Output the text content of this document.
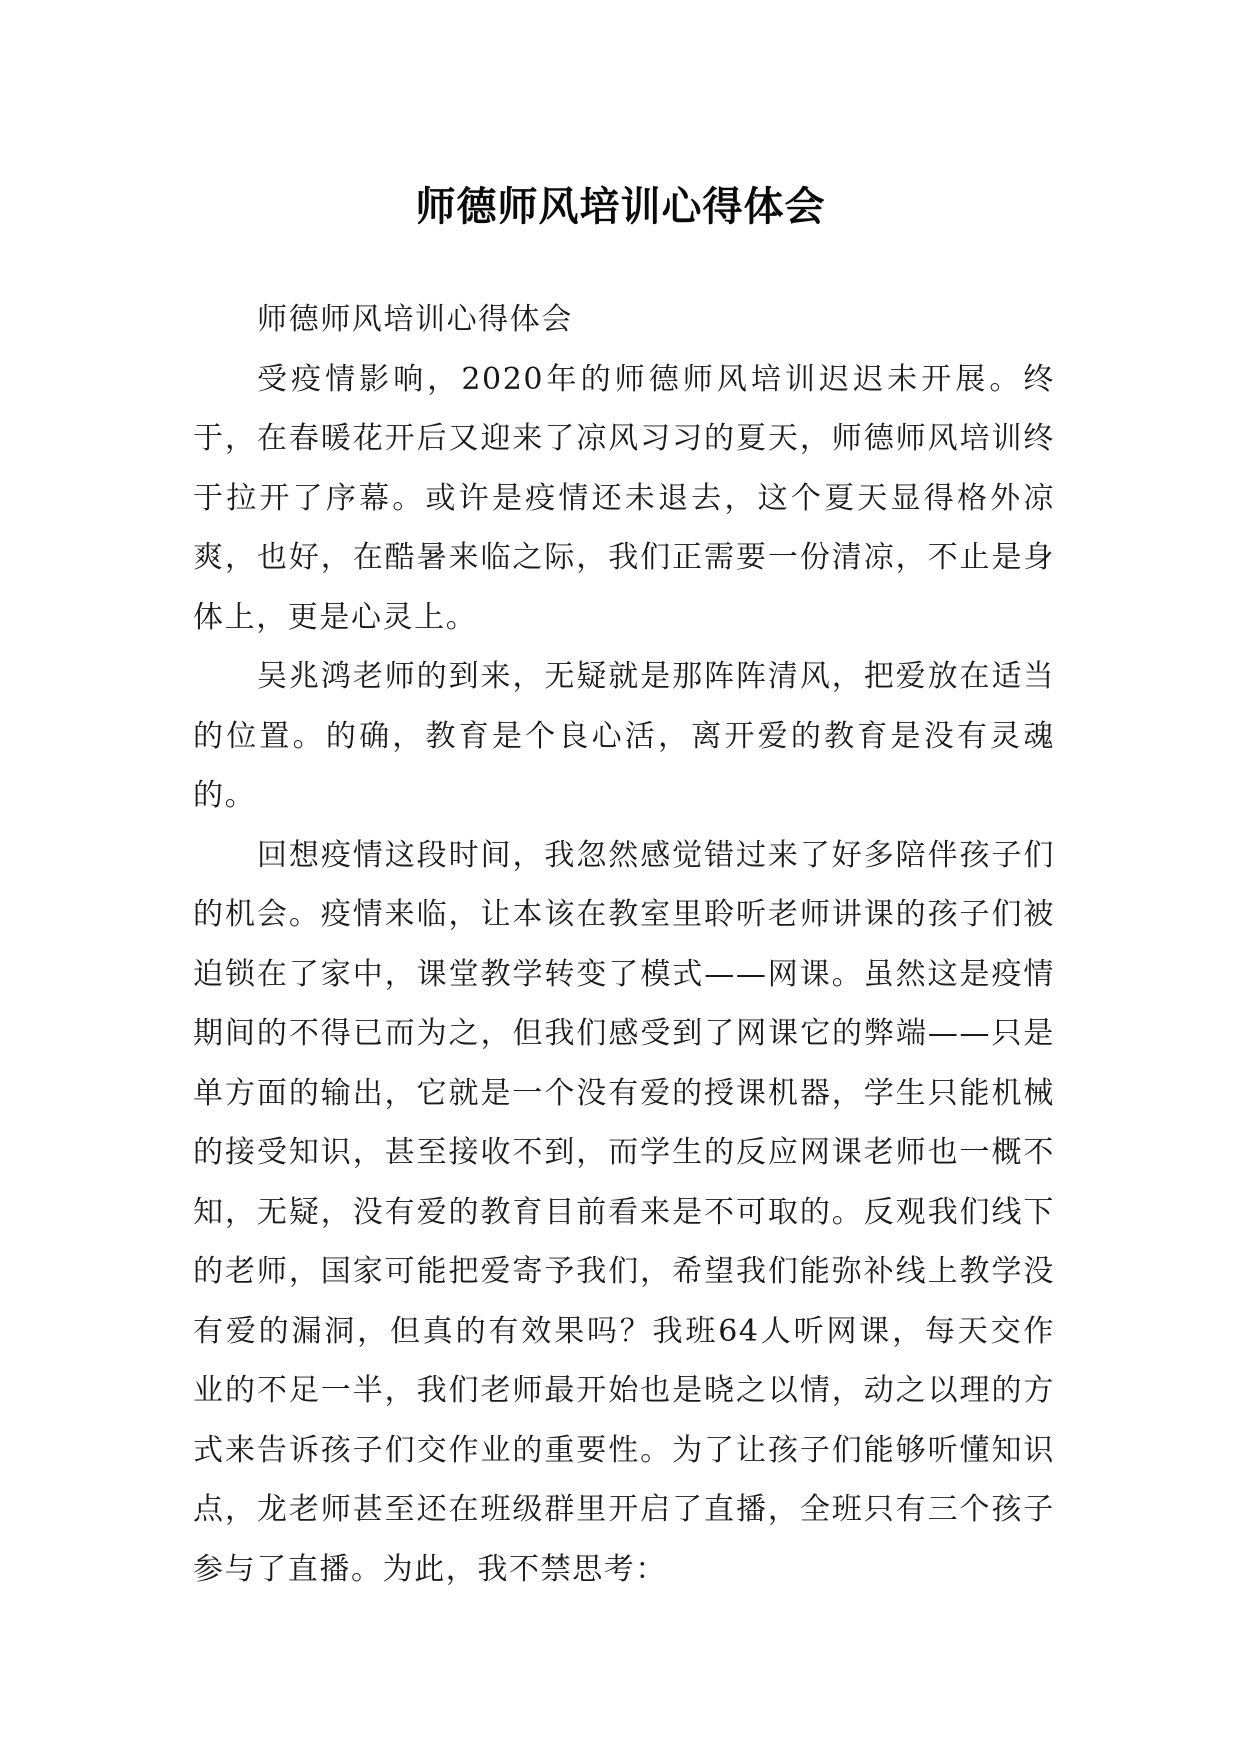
师德师风培训心得体会

师德师风培训心得体会

受疫情影响，2020年的师德师风培训迟迟未开展。终于，在春暖花开后又迎来了凉风习习的夏天，师德师风培训终于拉开了序幕。或许是疫情还未退去，这个夏天显得格外凉爽，也好，在酷暑来临之际，我们正需要一份清凉，不止是身体上，更是心灵上。

吴兆鸿老师的到来，无疑就是那阵阵清风，把爱放在适当的位置。的确，教育是个良心活，离开爱的教育是没有灵魂的。

回想疫情这段时间，我忽然感觉错过来了好多陪伴孩子们的机会。疫情来临，让本该在教室里聆听老师讲课的孩子们被迫锁在了家中，课堂教学转变了模式——网课。虽然这是疫情期间的不得已而为之，但我们感受到了网课它的弊端——只是单方面的输出，它就是一个没有爱的授课机器，学生只能机械的接受知识，甚至接收不到，而学生的反应网课老师也一概不知，无疑，没有爱的教育目前看来是不可取的。反观我们线下的老师，国家可能把爱寄予我们，希望我们能弥补线上教学没有爱的漏洞，但真的有效果吗？我班64人听网课，每天交作业的不足一半，我们老师最开始也是晓之以情，动之以理的方式来告诉孩子们交作业的重要性。为了让孩子们能够听懂知识点，龙老师甚至还在班级群里开启了直播，全班只有三个孩子参与了直播。为此，我不禁思考：
